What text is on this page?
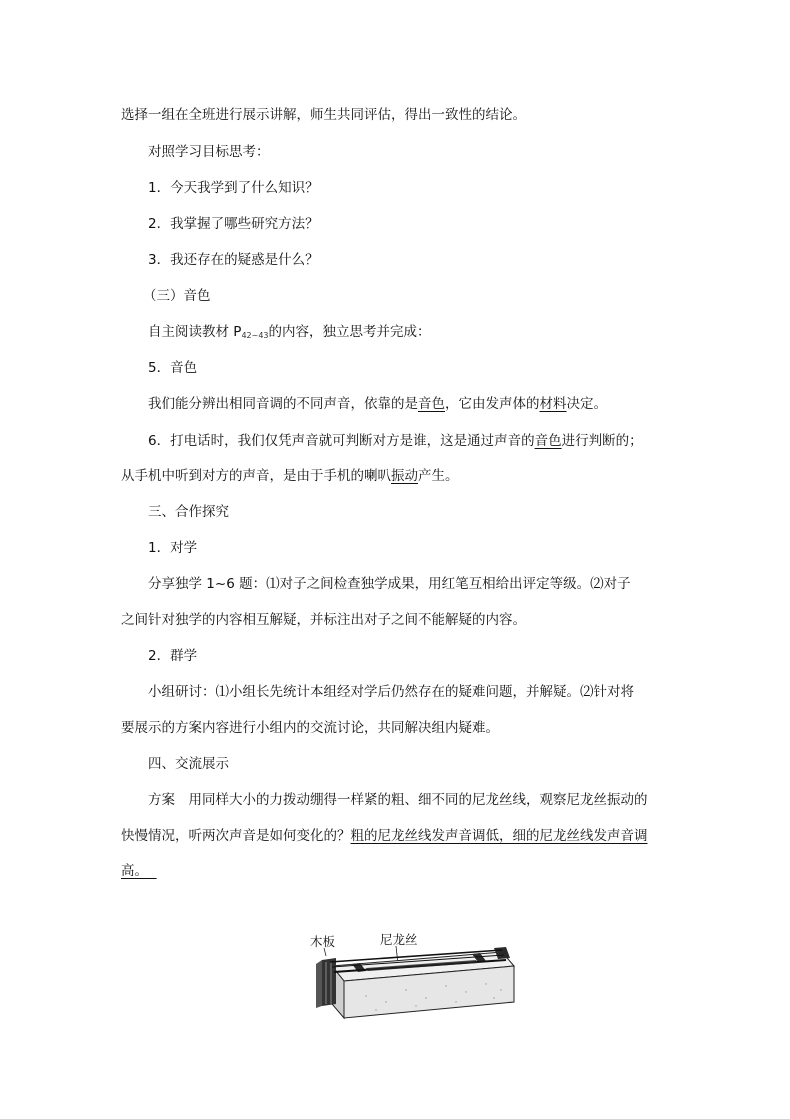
选择一组在全班进行展示讲解，师生共同评估，得出一致性的结论。
对照学习目标思考：
1．今天我学到了什么知识？
2．我掌握了哪些研究方法？
3．我还存在的疑惑是什么？
（三）音色
自主阅读教材 $P_{42\sim 43}$的内容，独立思考并完成：
5．音色
我们能分辨出相同音调的不同声音，依靠的是音色，它由发声体的材料决定。
6．打电话时，我们仅凭声音就可判断对方是谁，这是通过声音的音色进行判断的；
从手机中听到对方的声音，是由于手机的喇叭振动产生。
三、合作探究
1．对学
分享独学 1~6 题：⑴对子之间检查独学成果，用红笔互相给出评定等级。⑵对子
之间针对独学的内容相互解疑，并标注出对子之间不能解疑的内容。
2．群学
小组研讨：⑴小组长先统计本组经对学后仍然存在的疑难问题，并解疑。⑵针对将
要展示的方案内容进行小组内的交流讨论，共同解决组内疑难。
四、交流展示
方案　用同样大小的力拨动绷得一样紧的粗、细不同的尼龙丝线，观察尼龙丝振动的
快慢情况，听两次声音是如何变化的？粗的尼龙丝线发声音调低，细的尼龙丝线发声音调
高。
木板	尼龙丝
